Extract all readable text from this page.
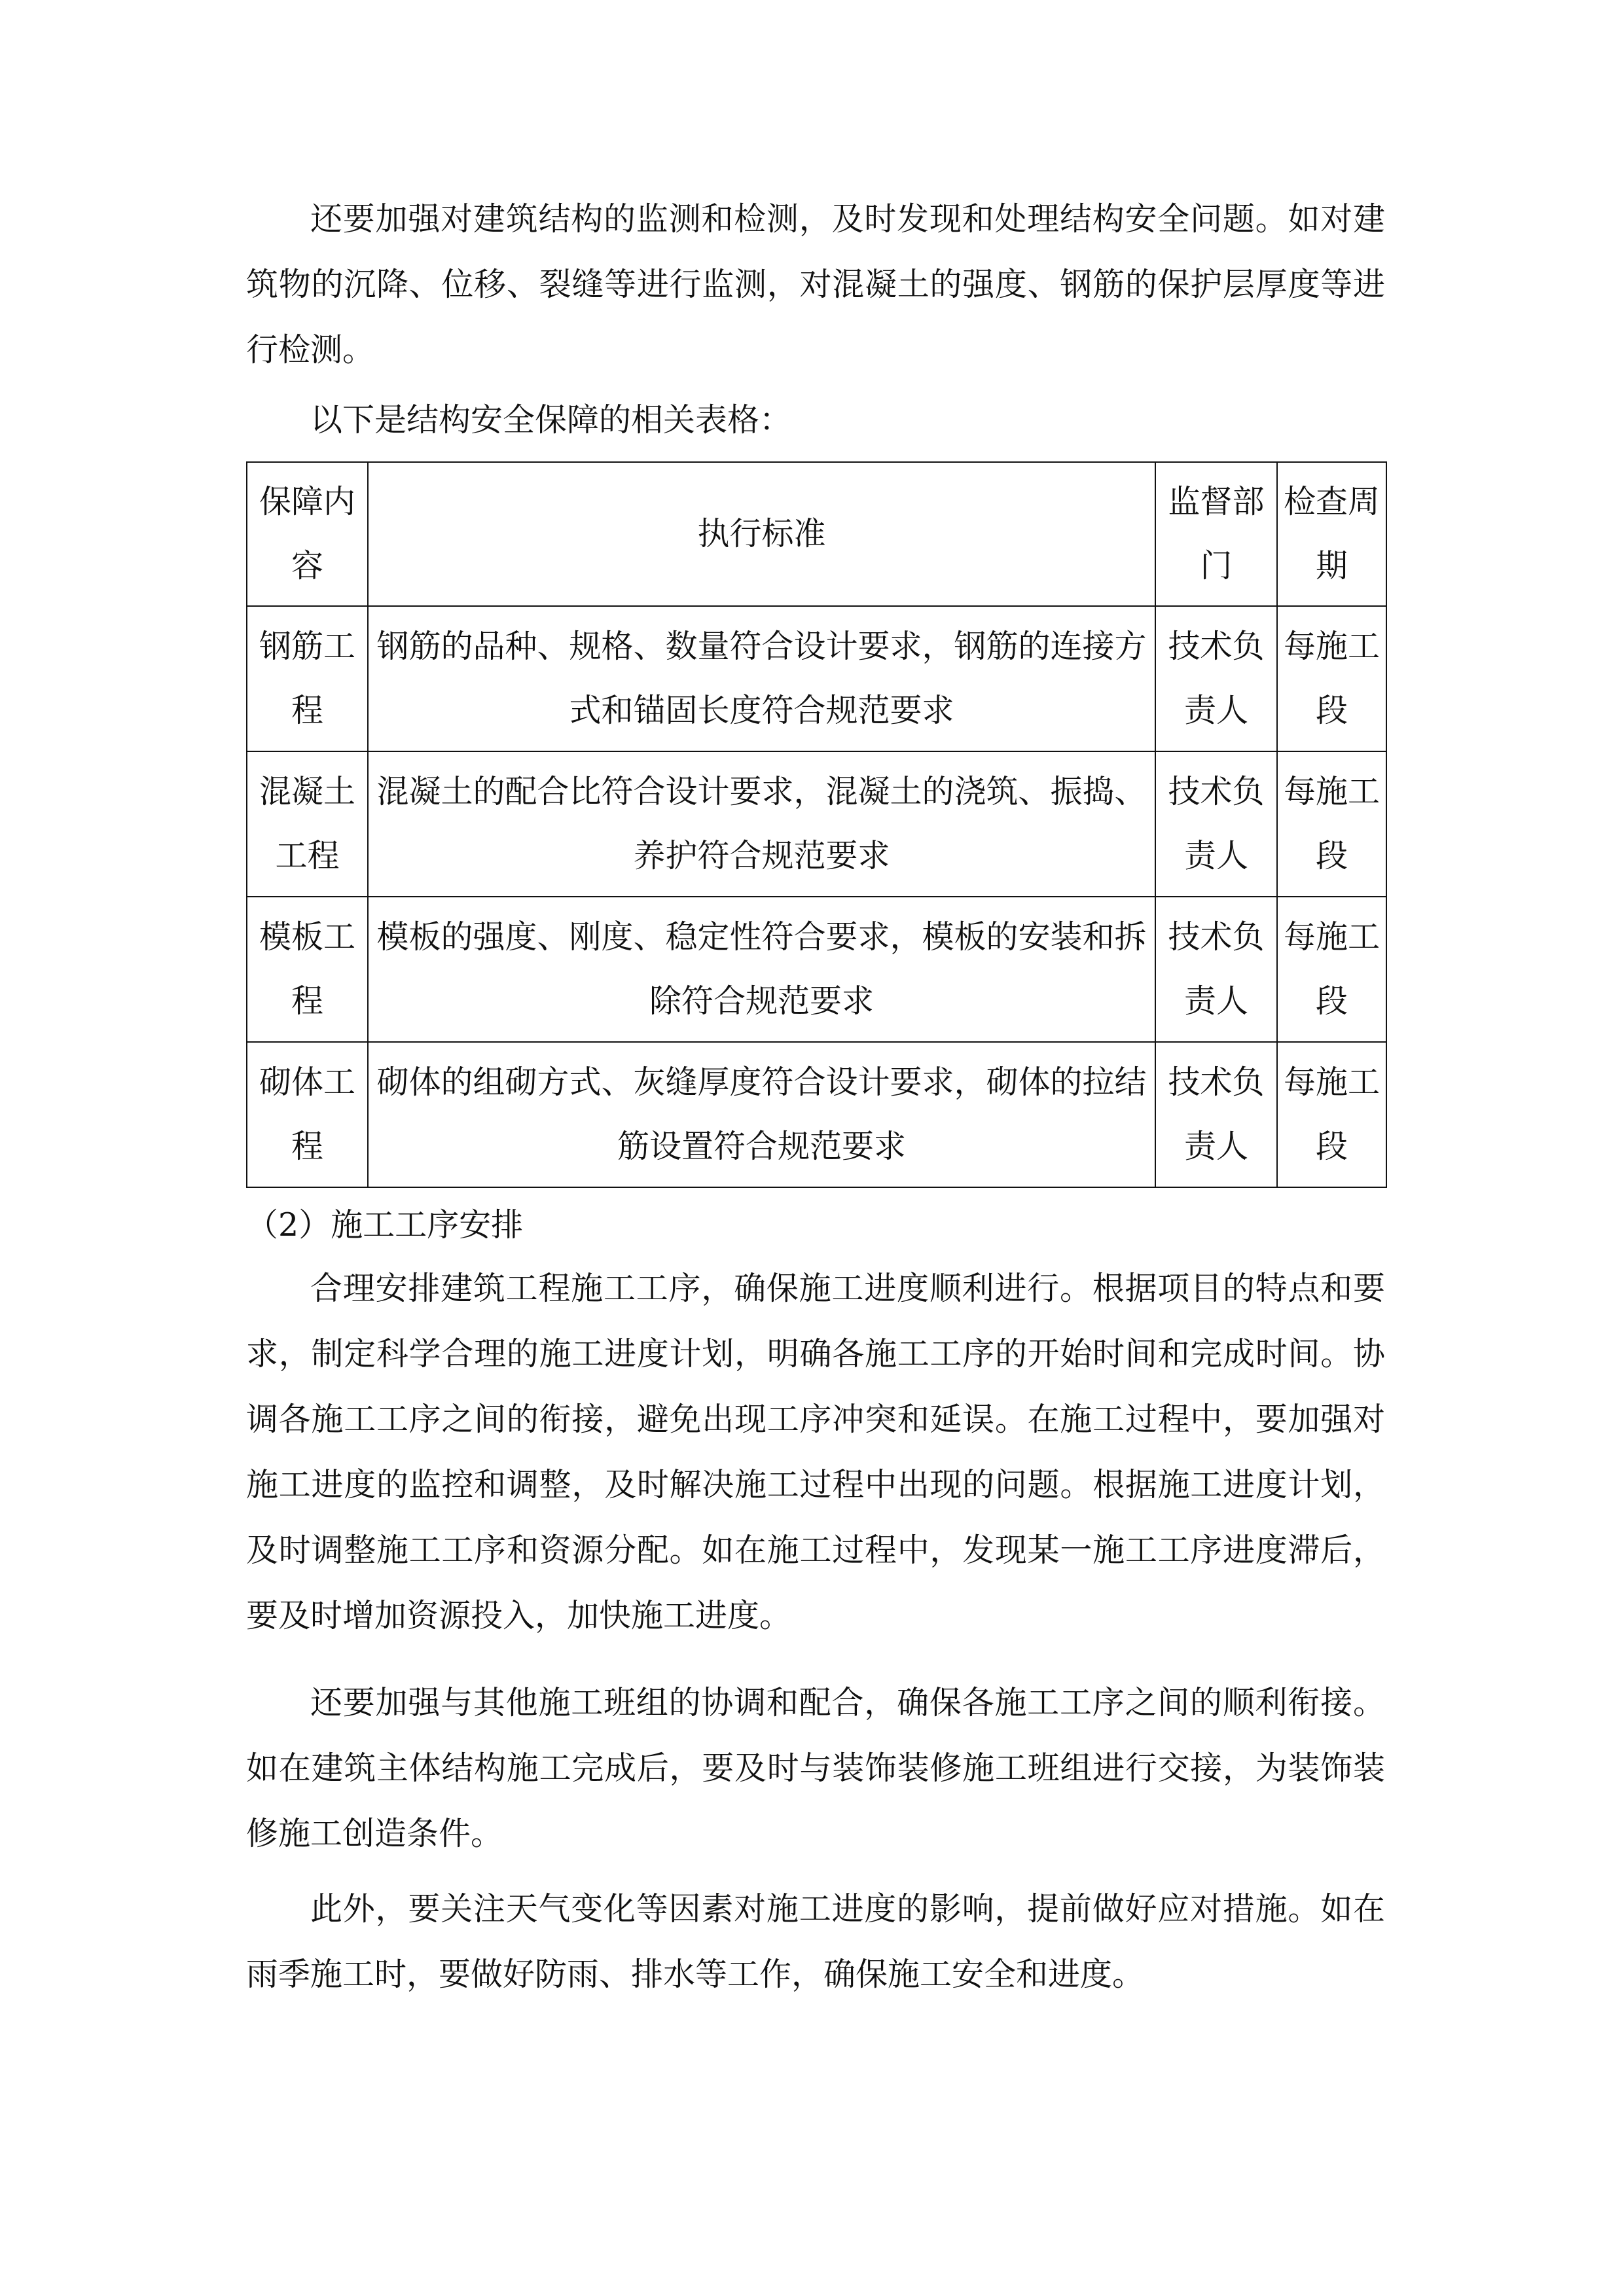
还要加强对建筑结构的监测和检测，及时发现和处理结构安全问题。如对建筑物的沉降、位移、裂缝等进行监测，对混凝土的强度、钢筋的保护层厚度等进行检测。

以下是结构安全保障的相关表格：

保障内容	执行标准	监督部门	检查周期
钢筋工程	钢筋的品种、规格、数量符合设计要求，钢筋的连接方式和锚固长度符合规范要求	技术负责人	每施工段
混凝土工程	混凝土的配合比符合设计要求，混凝土的浇筑、振捣、养护符合规范要求	技术负责人	每施工段
模板工程	模板的强度、刚度、稳定性符合要求，模板的安装和拆除符合规范要求	技术负责人	每施工段
砌体工程	砌体的组砌方式、灰缝厚度符合设计要求，砌体的拉结筋设置符合规范要求	技术负责人	每施工段

（2）施工工序安排

合理安排建筑工程施工工序，确保施工进度顺利进行。根据项目的特点和要求，制定科学合理的施工进度计划，明确各施工工序的开始时间和完成时间。协调各施工工序之间的衔接，避免出现工序冲突和延误。在施工过程中，要加强对施工进度的监控和调整，及时解决施工过程中出现的问题。根据施工进度计划，及时调整施工工序和资源分配。如在施工过程中，发现某一施工工序进度滞后，要及时增加资源投入，加快施工进度。

还要加强与其他施工班组的协调和配合，确保各施工工序之间的顺利衔接。如在建筑主体结构施工完成后，要及时与装饰装修施工班组进行交接，为装饰装修施工创造条件。

此外，要关注天气变化等因素对施工进度的影响，提前做好应对措施。如在雨季施工时，要做好防雨、排水等工作，确保施工安全和进度。
